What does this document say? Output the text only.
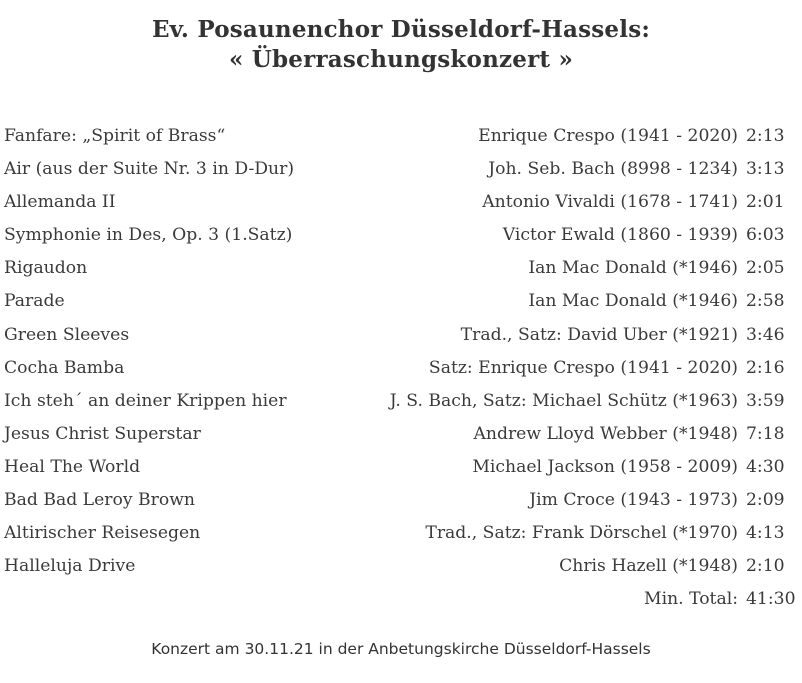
Ev. Posaunenchor Düsseldorf-Hassels:
« Überraschungskonzert »
Fanfare: „Spirit of Brass“	Enrique Crespo (1941 - 2020) 2:13
Air (aus der Suite Nr. 3 in D-Dur)	Joh. Seb. Bach (8998 - 1234) 3:13
Allemanda II	Antonio Vivaldi (1678 - 1741) 2:01
Symphonie in Des, Op. 3 (1.Satz)	Victor Ewald (1860 - 1939) 6:03
Rigaudon	Ian Mac Donald (*1946) 2:05
Parade	Ian Mac Donald (*1946) 2:58
Green Sleeves	Trad., Satz: David Uber (*1921) 3:46
Cocha Bamba	Satz: Enrique Crespo (1941 - 2020) 2:16
Ich steh´ an deiner Krippen hier	J. S. Bach, Satz: Michael Schütz (*1963) 3:59
Jesus Christ Superstar	Andrew Lloyd Webber (*1948) 7:18
Heal The World	Michael Jackson (1958 - 2009) 4:30
Bad Bad Leroy Brown	Jim Croce (1943 - 1973) 2:09
Altirischer Reisesegen	Trad., Satz: Frank Dörschel (*1970) 4:13
Halleluja Drive	Chris Hazell (*1948) 2:10
Min. Total: 41:30
Konzert am 30.11.21 in der Anbetungskirche Düsseldorf-Hassels
